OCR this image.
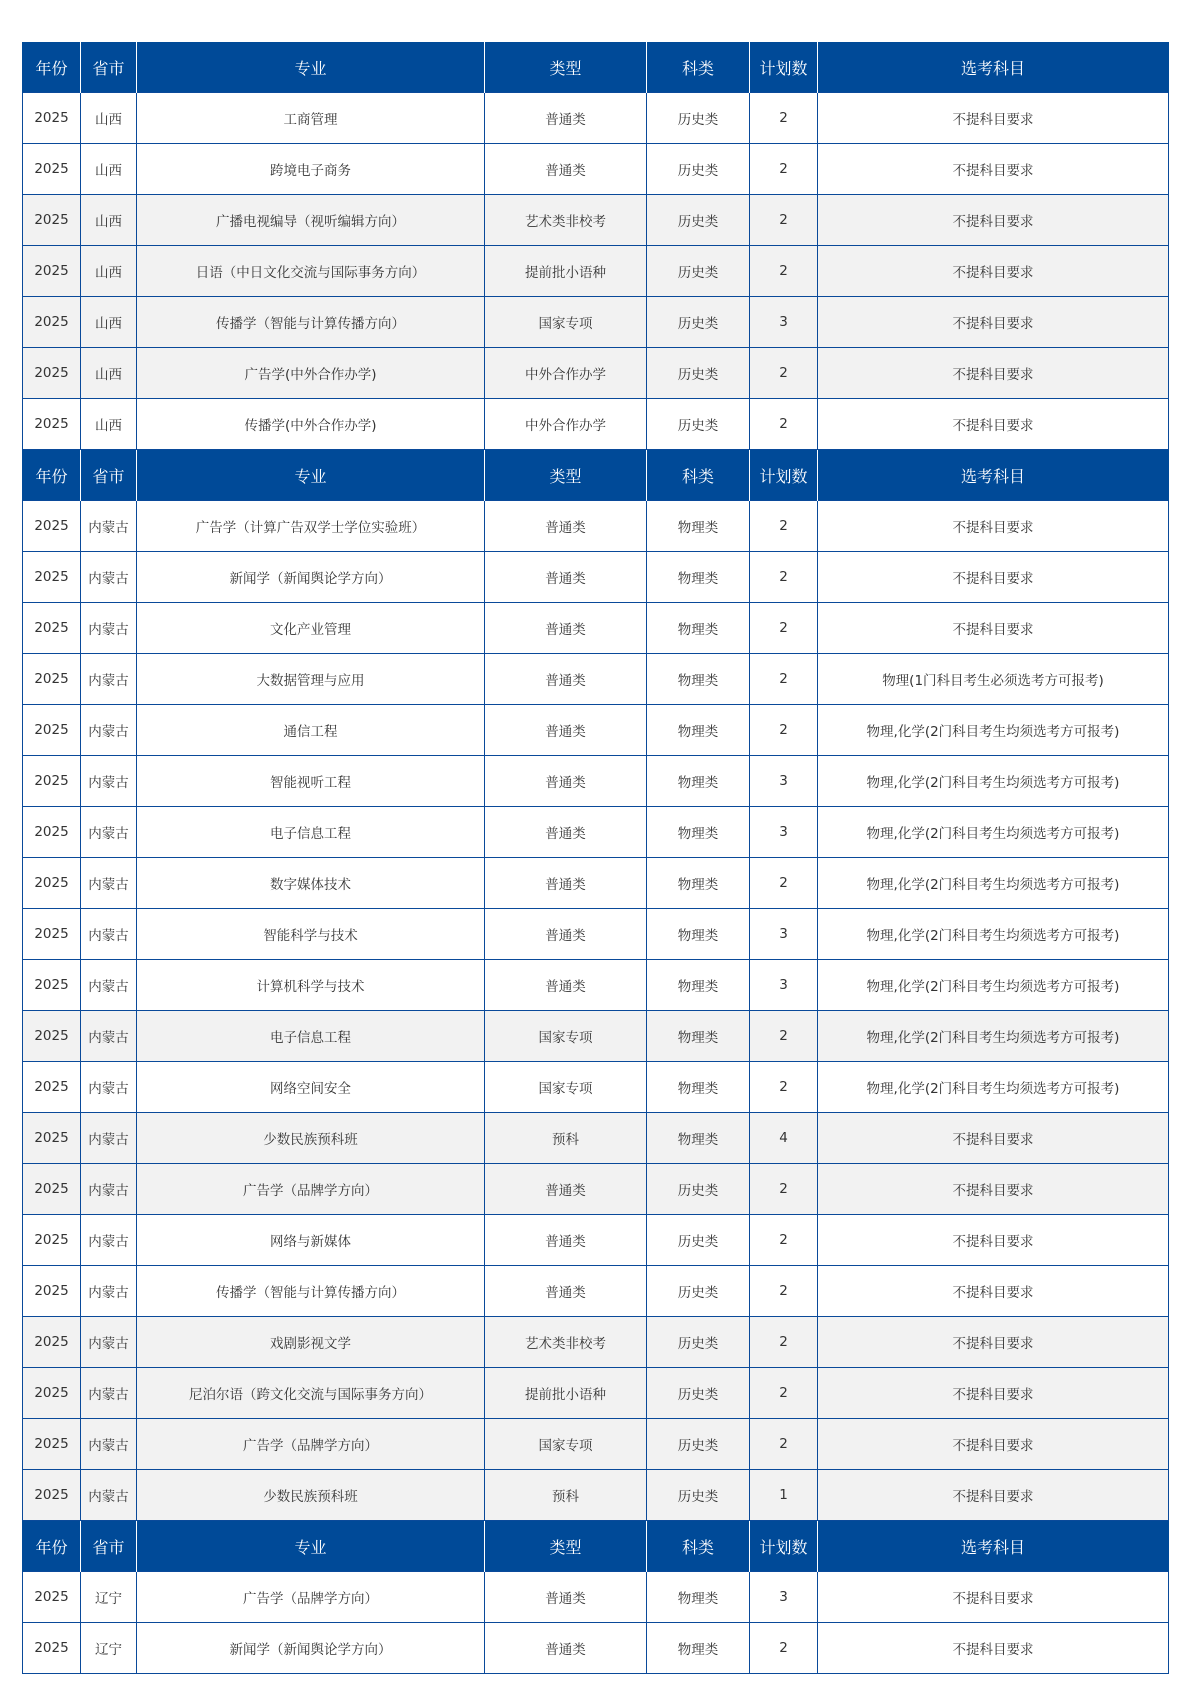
年份	省市	专业	类型	科类	计划数	选考科目
2025	山西	工商管理	普通类	历史类	2	不提科目要求
2025	山西	跨境电子商务	普通类	历史类	2	不提科目要求
2025	山西	广播电视编导（视听编辑方向）	艺术类非校考	历史类	2	不提科目要求
2025	山西	日语（中日文化交流与国际事务方向）	提前批小语种	历史类	2	不提科目要求
2025	山西	传播学（智能与计算传播方向）	国家专项	历史类	3	不提科目要求
2025	山西	广告学(中外合作办学)	中外合作办学	历史类	2	不提科目要求
2025	山西	传播学(中外合作办学)	中外合作办学	历史类	2	不提科目要求
年份	省市	专业	类型	科类	计划数	选考科目
2025	内蒙古	广告学（计算广告双学士学位实验班）	普通类	物理类	2	不提科目要求
2025	内蒙古	新闻学（新闻舆论学方向）	普通类	物理类	2	不提科目要求
2025	内蒙古	文化产业管理	普通类	物理类	2	不提科目要求
2025	内蒙古	大数据管理与应用	普通类	物理类	2	物理(1门科目考生必须选考方可报考)
2025	内蒙古	通信工程	普通类	物理类	2	物理,化学(2门科目考生均须选考方可报考)
2025	内蒙古	智能视听工程	普通类	物理类	3	物理,化学(2门科目考生均须选考方可报考)
2025	内蒙古	电子信息工程	普通类	物理类	3	物理,化学(2门科目考生均须选考方可报考)
2025	内蒙古	数字媒体技术	普通类	物理类	2	物理,化学(2门科目考生均须选考方可报考)
2025	内蒙古	智能科学与技术	普通类	物理类	3	物理,化学(2门科目考生均须选考方可报考)
2025	内蒙古	计算机科学与技术	普通类	物理类	3	物理,化学(2门科目考生均须选考方可报考)
2025	内蒙古	电子信息工程	国家专项	物理类	2	物理,化学(2门科目考生均须选考方可报考)
2025	内蒙古	网络空间安全	国家专项	物理类	2	物理,化学(2门科目考生均须选考方可报考)
2025	内蒙古	少数民族预科班	预科	物理类	4	不提科目要求
2025	内蒙古	广告学（品牌学方向）	普通类	历史类	2	不提科目要求
2025	内蒙古	网络与新媒体	普通类	历史类	2	不提科目要求
2025	内蒙古	传播学（智能与计算传播方向）	普通类	历史类	2	不提科目要求
2025	内蒙古	戏剧影视文学	艺术类非校考	历史类	2	不提科目要求
2025	内蒙古	尼泊尔语（跨文化交流与国际事务方向）	提前批小语种	历史类	2	不提科目要求
2025	内蒙古	广告学（品牌学方向）	国家专项	历史类	2	不提科目要求
2025	内蒙古	少数民族预科班	预科	历史类	1	不提科目要求
年份	省市	专业	类型	科类	计划数	选考科目
2025	辽宁	广告学（品牌学方向）	普通类	物理类	3	不提科目要求
2025	辽宁	新闻学（新闻舆论学方向）	普通类	物理类	2	不提科目要求
